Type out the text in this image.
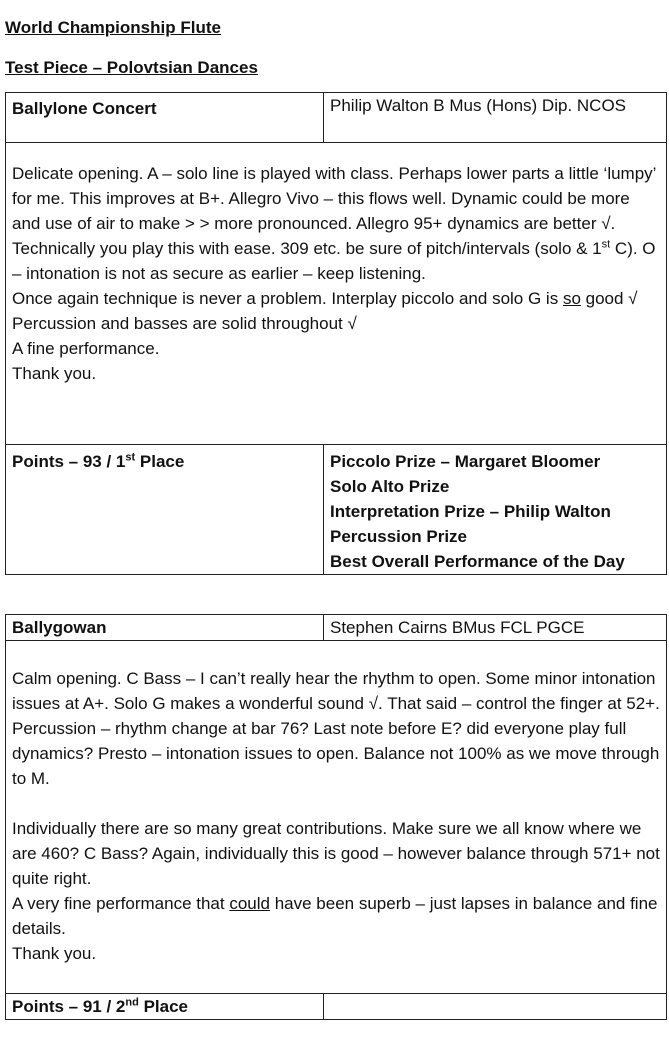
World Championship Flute
Test Piece – Polovtsian Dances
Ballylone Concert	Philip Walton B Mus (Hons) Dip. NCOS

Delicate opening. A – solo line is played with class. Perhaps lower parts a little ‘lumpy’ for me. This improves at B+. Allegro Vivo – this flows well. Dynamic could be more and use of air to make > > more pronounced. Allegro 95+ dynamics are better √. Technically you play this with ease. 309 etc. be sure of pitch/intervals (solo & 1st C). O – intonation is not as secure as earlier – keep listening.

Once again technique is never a problem. Interplay piccolo and solo G is so good √ Percussion and basses are solid throughout √

A fine performance.

Thank you.	

Points – 93 / 1st Place	Piccolo Prize – Margaret Bloomer
Solo Alto Prize
Interpretation Prize – Philip Walton
Percussion Prize
Best Overall Performance of the Day
Ballygowan	Stephen Cairns BMus FCL PGCE

Calm opening. C Bass – I can’t really hear the rhythm to open. Some minor intonation issues at A+. Solo G makes a wonderful sound √. That said – control the finger at 52+. Percussion – rhythm change at bar 76? Last note before E? did everyone play full dynamics? Presto – intonation issues to open. Balance not 100% as we move through to M.

Individually there are so many great contributions. Make sure we all know where we are 460? C Bass? Again, individually this is good – however balance through 571+ not quite right.

A very fine performance that could have been superb – just lapses in balance and fine details.

Thank you.	

Points – 91 / 2nd Place	
